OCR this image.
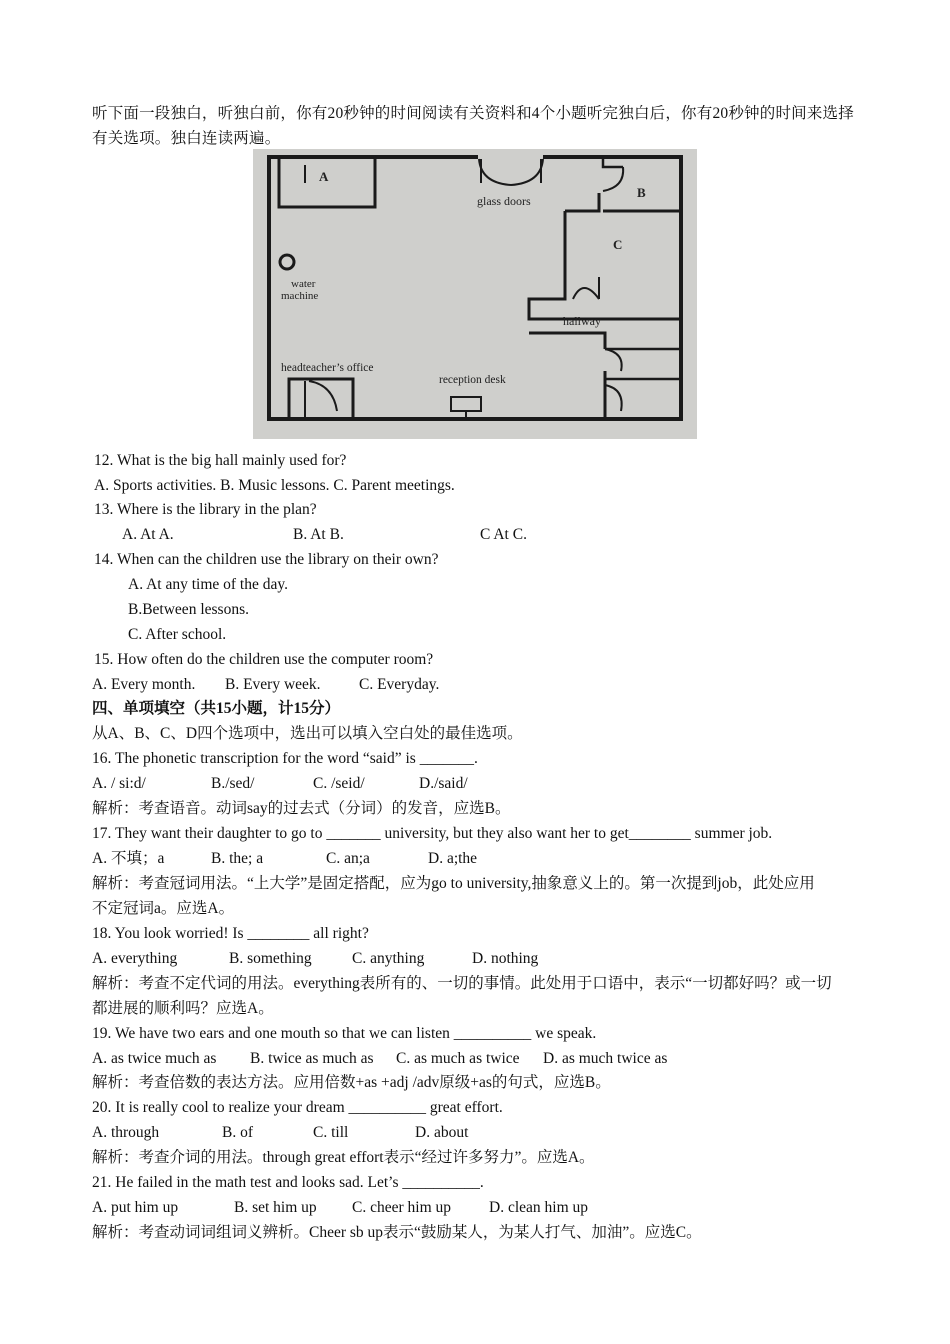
听下面一段独白，听独白前，你有20秒钟的时间阅读有关资料和4个小题听完独白后，你有20秒钟的时间来选择有关选项。独白连读两遍。
A
B
C
glass doors
water
machine
hallway
headteacher’s office
reception desk
12. What is the big hall mainly used for?
A. Sports activities. B. Music lessons. C. Parent meetings.
13. Where is the library in the plan?
A. At A.	B. At B.	C At C.
14. When can the children use the library on their own?
A. At any time of the day.
B.Between lessons.
C. After school.
15. How often do the children use the computer room?
A. Every month. B. Every week. C. Everyday.
四、单项填空（共15小题，计15分）
从A、B、C、D四个选项中，选出可以填入空白处的最佳选项。
16. The phonetic transcription for the word “said” is _______.
A. / si:d/	B./sed/	C. /seid/	D./said/
解析：考查语音。动词say的过去式（分词）的发音，应选B。
17. They want their daughter to go to _______ university, but they also want her to get________ summer job.
A. 不填；a	B. the; a	C. an;a	D. a;the
解析：考查冠词用法。“上大学”是固定搭配，应为go to university,抽象意义上的。第一次提到job，此处应用
不定冠词a。应选A。
18. You look worried! Is ________ all right?
A. everything	B. something	C. anything	D. nothing
解析：考查不定代词的用法。everything表所有的、一切的事情。此处用于口语中，表示“一切都好吗？或一切
都进展的顺利吗？应选A。
19. We have two ears and one mouth so that we can listen __________ we speak.
A. as twice much as B. twice as much as C. as much as twice D. as much twice as
解析：考查倍数的表达方法。应用倍数+as +adj /adv原级+as的句式，应选B。
20. It is really cool to realize your dream __________ great effort.
A. through	B. of	C. till	D. about
解析：考查介词的用法。through great effort表示“经过许多努力”。应选A。
21. He failed in the math test and looks sad. Let’s __________.
A. put him up	B. set him up C. cheer him up D. clean him up
解析：考查动词词组词义辨析。Cheer sb up表示“鼓励某人，为某人打气、加油”。应选C。
